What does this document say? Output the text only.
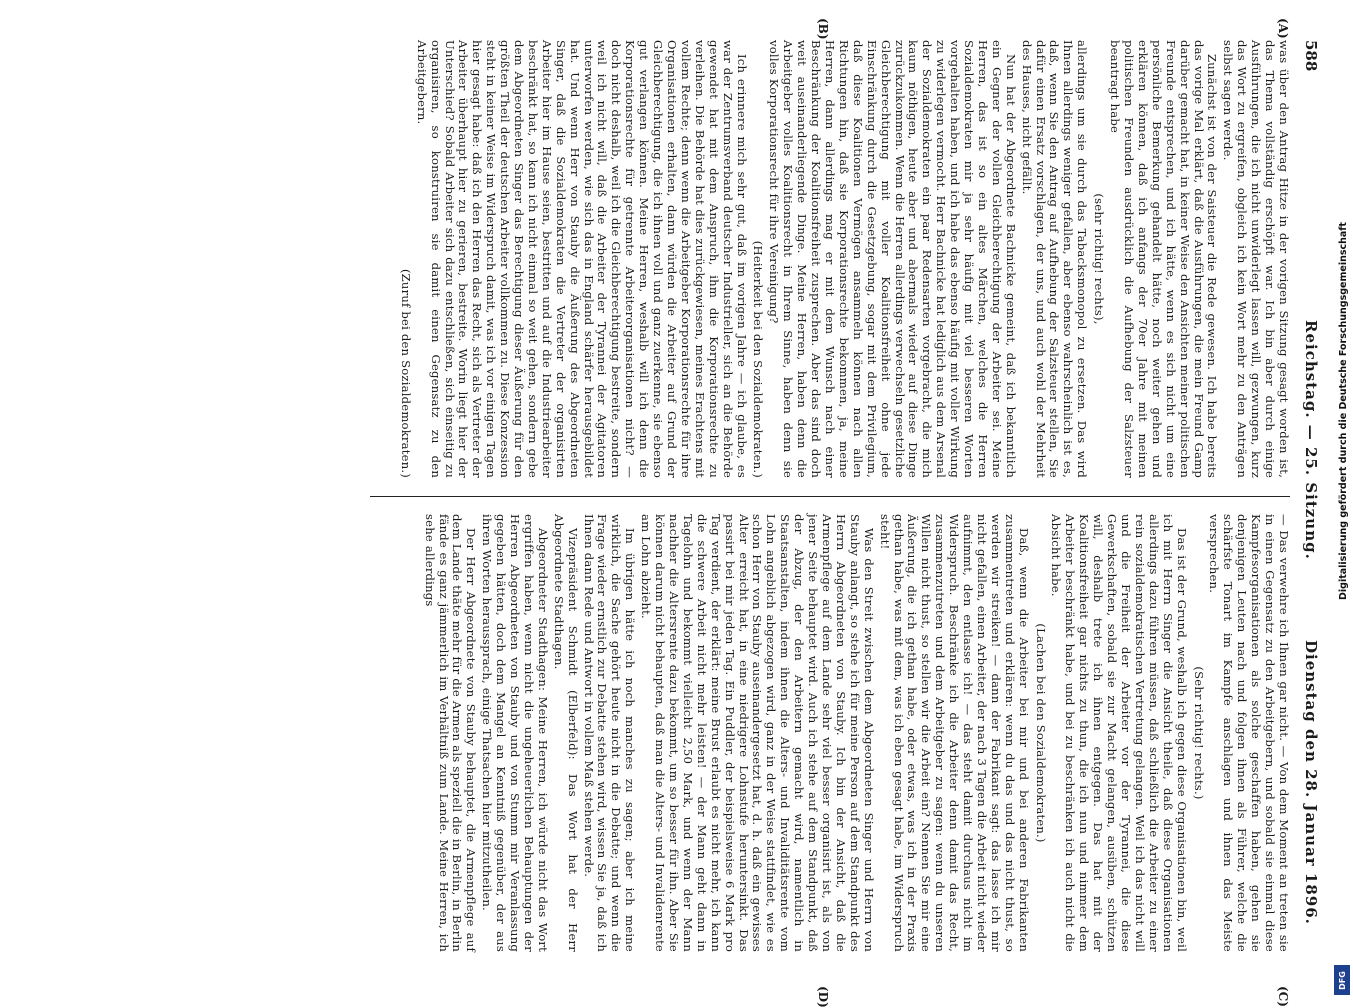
588
Reichstag. — 25. Sitzung.
Dienstag den 28. Januar 1896.
(A)
(B)
(C)
(D)

was über den Antrag Hitze in der vorigen Sitzung gesagt worden ist, das Thema vollständig erschöpft war. Ich bin aber durch einige Ausführungen, die ich nicht unwiderlegt lassen will, gezwungen, kurz das Wort zu ergreifen, obgleich ich kein Wort mehr zu den Anträgen selbst sagen werde.

Zunächst ist von der Saisteuer die Rede gewesen. Ich habe bereits das vorige Mal erklärt, daß die Ausführungen, die mein Freund Gamp darüber gemacht hat, in keiner Weise den Ansichten meiner politischen Freunde entsprechen, und ich hätte, wenn es sich nicht um eine persönliche Bemerkung gehandelt hätte, noch weiter gehen und erklären können, daß ich anfangs der 70er Jahre mit meinen politischen Freunden ausdrücklich die Aufhebung der Salzsteuer beantragt habe

(sehr richtig! rechts),

allerdings um sie durch das Tabacksmonopol zu ersetzen. Das wird Ihnen allerdings weniger gefallen, aber ebenso wahrscheinlich ist es, daß, wenn Sie den Antrag auf Aufhebung der Salzsteuer stellen, Sie dafür einen Ersatz vorschlagen, der uns, und auch wohl der Mehrheit des Hauses, nicht gefällt.

Nun hat der Abgeordnete Bachnicke gemeint, daß ich bekanntlich ein Gegner der vollen Gleichberechtigung der Arbeiter sei. Meine Herren, das ist so ein altes Märchen, welches die Herren Sozialdemokraten mir ja sehr häufig mit viel besseren Worten vorgehalten haben, und ich habe das ebenso häufig mit voller Wirkung zu widerlegen vermocht. Herr Bachnicke hat lediglich aus dem Arsenal der Sozialdemokraten ein paar Redensarten vorgebracht, die mich kaum nöthigen, heute aber und abermals wieder auf diese Dinge zurückzukommen. Wenn die Herren allerdings verwechseln gesetzliche Gleichberechtigung mit voller Koalitionsfreiheit ohne jede Einschränkung durch die Gesetzgebung, sogar mit dem Privilegium, daß diese Koalitionen Vermögen ansammeln können nach allen Richtungen hin, daß sie Korporationsrechte bekommen, ja, meine Herren, dann allerdings mag er mit dem Wunsch nach einer Beschränkung der Koalitionsfreiheit zusprechen. Aber das sind doch weit auseinanderliegende Dinge. Meine Herren, haben denn die Arbeitgeber volles Koalitionsrecht in Ihrem Sinne, haben denn sie volles Korporationsrecht für ihre Vereinigung?

(Heiterkeit bei den Sozialdemokraten.)

Ich erinnere mich sehr gut, daß im vorigen Jahre — ich glaube, es war der Zentrumsverband deutscher Industrieller, sich an die Behörde gewendet hat mit dem Anspruch, ihm die Korporationsrechte zu verleihen. Die Behörde hat dies zurückgewiesen, meines Erachtens mit vollem Rechte; denn wenn die Arbeitgeber Korporationsrechte für ihre Organisationen erhalten, dann würden die Arbeiter auf Grund der Gleichberechtigung, die ich ihnen voll und ganz zuerkenne, sie ebenso gut verlangen können. Meine Herren, weshalb will ich denn die Korporationsrechte für getrennte Arbeiterorganisationen nicht? — doch nicht deshalb, weil ich die Gleichberechtigung bestreite, sondern weil ich nicht will, daß die Arbeiter der Tyrannei der Agitatoren unterworfen werden, wie sich das in England schärfer herausgebildet hat. Und wenn Herr von Stauby die Äußerung des Abgeordneten Singer, daß die Sozialdemokraten die Vertreter der organisirten Arbeiter hier im Hause seien, bestritten und auf die Industriearbeiter beschränkt hat, so kann ich nicht einmal so weit gehen, sondern gebe dem Abgeordneten Singer das Berechtigung dieser Äußerung für den größten Theil der deutschen Arbeiter vollkommen zu. Diese Konzession steht in keiner Weise im Widerspruch damit, was ich vor einigen Tagen hier gesagt habe: daß ich den Herren das Recht, sich als Vertreter der Arbeiter überhaupt hier zu gerieren, bestreite. Worin liegt hier der Unterschied? Sobald Arbeiter sich dazu entschließen, sich einseitig zu organisiren, so konstruiren sie damit einen Gegensatz zu den Arbeitgebern.

(Zuruf bei den Sozialdemokraten.)

— Das verwehre ich Ihnen gar nicht. — Von dem Moment an treten sie in einen Gegensatz zu den Arbeitgebern, und sobald sie einmal diese Kampfesorganisationen als solche geschaffen haben, gehen sie denjenigen Leuten nach und folgen ihnen als Führer, welche die schärfste Tonart im Kampfe anschlagen und ihnen das Meiste versprechen.

(Sehr richtig! rechts.)

Das ist der Grund, weshalb ich gegen diese Organisationen bin, weil ich mit Herrn Singer die Ansicht theile, daß diese Organisationen allerdings dazu führen müssen, daß schließlich die Arbeiter zu einer rein sozialdemokratischen Vertretung gelangen. Weil ich das nicht will und die Freiheit der Arbeiter vor der Tyrannei, die diese Gewerkschaften, sobald sie zur Macht gelangen, ausüben, schützen will, deshalb trete ich ihnen entgegen. Das hat mit der Koalitionsfreiheit gar nichts zu thun, die ich nun und nimmer dem Arbeiter beschränkt habe, und bei zu beschränken ich auch nicht die Absicht habe.

(Lachen bei den Sozialdemokraten.)

Daß, wenn die Arbeiter bei mir und bei anderen Fabrikanten zusammentreten und erklären: wenn du das und das nicht thust, so werden wir streiken! — dann der Fabrikant sagt: das lasse ich mir nicht gefallen, einen Arbeiter, der nach 3 Tagen die Arbeit nicht wieder aufnimmt, den entlasse ich! — das steht damit durchaus nicht im Widerspruch. Beschränke ich die Arbeiter denn damit das Recht, zusammenzutreten und dem Arbeitgeber zu sagen: wenn du unseren Willen nicht thust, so stellen wir die Arbeit ein? Nennen Sie mir eine Äußerung, die ich gethan habe, oder etwas, was ich in der Praxis gethan habe, was mit dem, was ich eben gesagt habe, im Widerspruch steht!

Was den Streit zwischen dem Abgeordneten Singer und Herrn von Stauby anlangt, so stehe ich für meine Person auf dem Standpunkt des Herrn Abgeordneten von Stauby. Ich bin der Ansicht, daß die Armenpflege auf dem Lande sehr viel besser organisirt ist, als von jener Seite behauptet wird. Auch ich stehe auf dem Standpunkt, daß der Abzug, der den Arbeitern gemacht wird, namentlich in Staatsanstalten, indem ihnen die Alters- und Invaliditätsrente vom Lohn angeblich abgezogen wird, ganz in der Weise stattfindet, wie es schon Herr von Stauby auseinandergesetzt hat, d. h. daß ein gewisses Alter erreicht hat, in eine niedrigere Lohnstufe heruntersinkt. Das passirt bei mir jeden Tag. Ein Puddler, der beispielsweise 6 Mark pro Tag verdient, der erklärt: meine Brust erlaubt es nicht mehr, ich kann die schwere Arbeit nicht mehr leisten! — der Mann geht dann in Tagelohn und bekommt vielleicht 2,50 Mark, und wenn der Mann nachher die Altersrente dazu bekommt, um so besser für ihn. Aber Sie können darum nicht behaupten, daß man die Alters- und Invalidenrente am Lohn abzieht.

Im übrigen hätte ich noch manches zu sagen; aber ich meine wirklich, die Sache gehört heute nicht in die Debatte; und wenn die Frage wieder ernstlich zur Debatte stehen wird, wissen Sie ja, daß ich Ihnen dann Rede und Antwort in vollem Maß stehen werde.

Vizepräsident Schmidt (Elberfeld): Das Wort hat der Herr Abgeordnete Stadthagen.

Abgeordneter Stadthagen: Meine Herren, ich würde nicht das Wort ergriffen haben, wenn nicht die ungeheuerlichen Behauptungen der Herren Abgeordneten von Stauby und von Stumm mir Veranlassung gegeben hätten, doch dem Mangel an Kenntniß gegenüber, der aus ihren Worten heraussprach, einige Thatsachen hier mitzutheilen.

Der Herr Abgeordnete von Stauby behauptet, die Armenpflege auf dem Lande thäte mehr für die Armen als speziell die in Berlin, in Berlin fände es ganz jämmerlich im Verhältniß zum Lande. Meine Herren, ich sehe allerdings	Digitalisierung gefördert durch die Deutsche Forschungsgemeinschaft
DFG
